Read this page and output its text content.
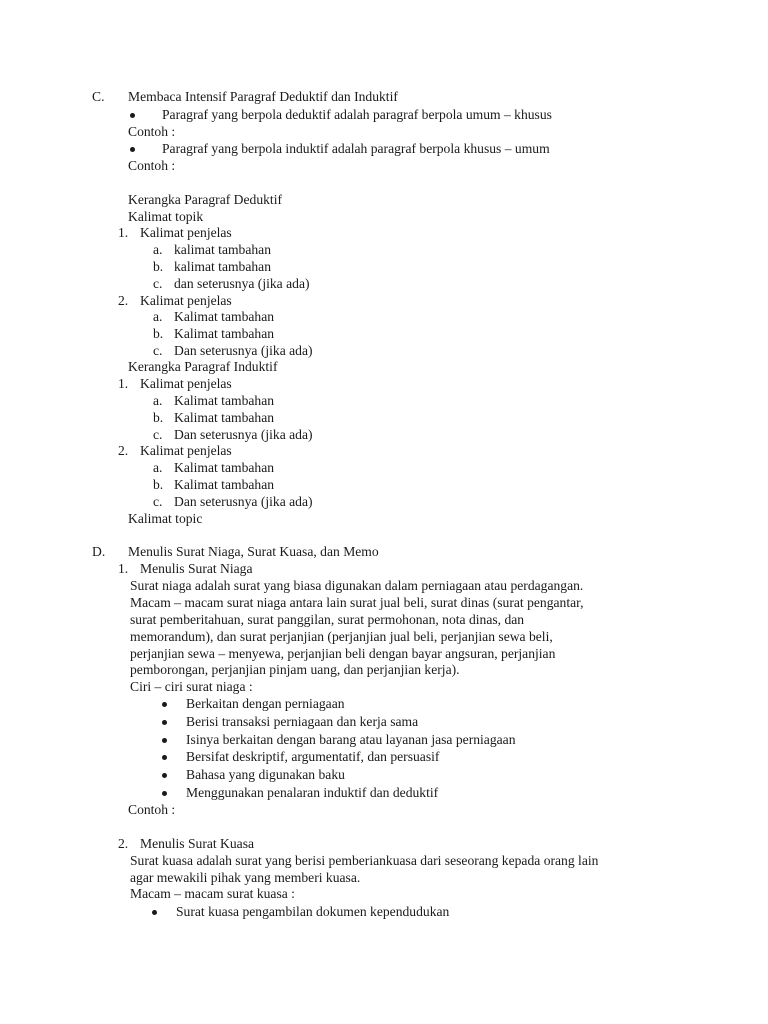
C. Membaca Intensif Paragraf Deduktif dan Induktif
Paragraf yang berpola deduktif adalah paragraf berpola umum – khusus
Contoh :
Paragraf yang berpola induktif adalah paragraf berpola khusus – umum
Contoh :
Kerangka Paragraf Deduktif
Kalimat topik
1. Kalimat penjelas
a. kalimat tambahan
b. kalimat tambahan
c. dan seterusnya (jika ada)
2. Kalimat penjelas
a. Kalimat tambahan
b. Kalimat tambahan
c. Dan seterusnya (jika ada)
Kerangka Paragraf Induktif
1. Kalimat penjelas
a. Kalimat tambahan
b. Kalimat tambahan
c. Dan seterusnya (jika ada)
2. Kalimat penjelas
a. Kalimat tambahan
b. Kalimat tambahan
c. Dan seterusnya (jika ada)
Kalimat topic
D. Menulis Surat Niaga, Surat Kuasa, dan Memo
1. Menulis Surat Niaga
Surat niaga adalah surat yang biasa digunakan dalam perniagaan atau perdagangan.
Macam – macam surat niaga antara lain surat jual beli, surat dinas (surat pengantar,
surat pemberitahuan, surat panggilan, surat permohonan, nota dinas, dan
memorandum), dan surat perjanjian (perjanjian jual beli, perjanjian sewa beli,
perjanjian sewa – menyewa, perjanjian beli dengan bayar angsuran, perjanjian
pemborongan, perjanjian pinjam uang, dan perjanjian kerja).
Ciri – ciri surat niaga :
Berkaitan dengan perniagaan
Berisi transaksi perniagaan dan kerja sama
Isinya berkaitan dengan barang atau layanan jasa perniagaan
Bersifat deskriptif, argumentatif, dan persuasif
Bahasa yang digunakan baku
Menggunakan penalaran induktif dan deduktif
Contoh :
2. Menulis Surat Kuasa
Surat kuasa adalah surat yang berisi pemberiankuasa dari seseorang kepada orang lain
agar mewakili pihak yang memberi kuasa.
Macam – macam surat kuasa :
Surat kuasa pengambilan dokumen kependudukan
